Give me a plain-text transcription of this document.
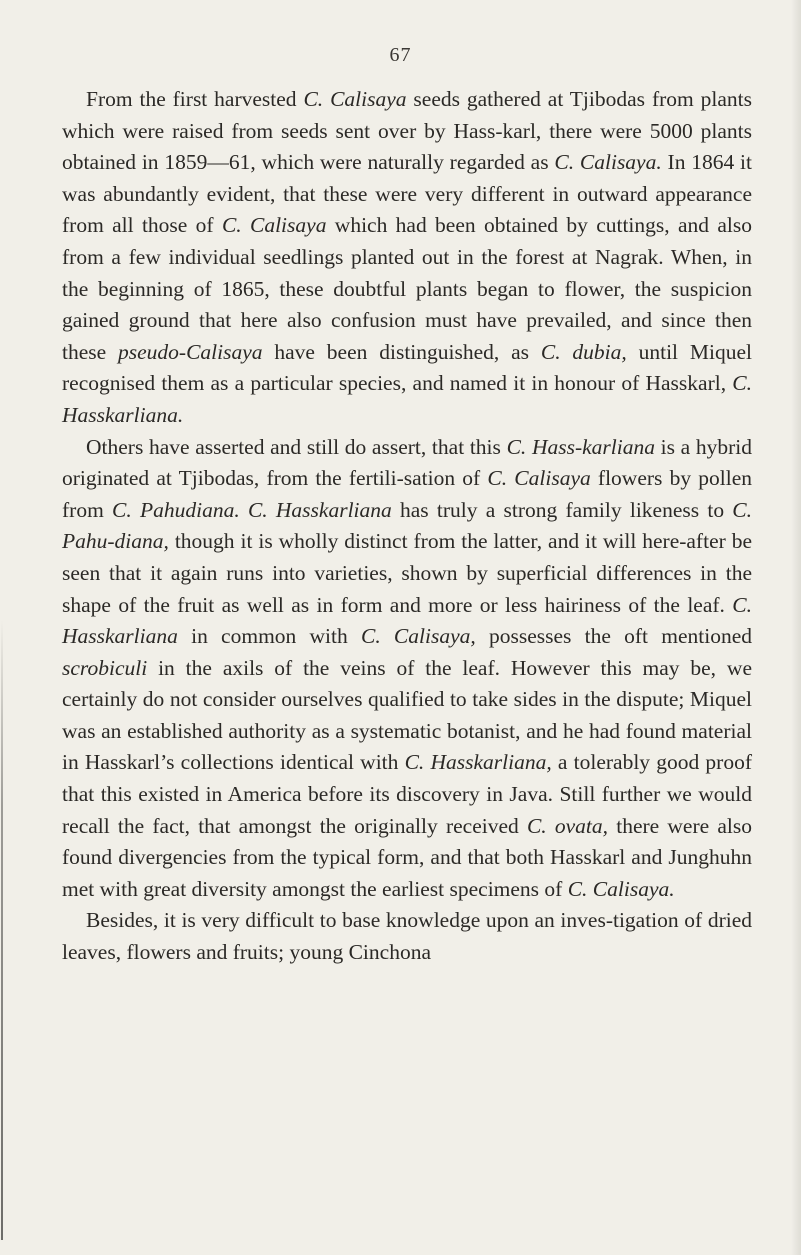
67

From the first harvested C. Calisaya seeds gathered at Tjibodas from plants which were raised from seeds sent over by Hass-karl, there were 5000 plants obtained in 1859—61, which were naturally regarded as C. Calisaya. In 1864 it was abundantly evident, that these were very different in outward appearance from all those of C. Calisaya which had been obtained by cuttings, and also from a few individual seedlings planted out in the forest at Nagrak. When, in the beginning of 1865, these doubtful plants began to flower, the suspicion gained ground that here also confusion must have prevailed, and since then these pseudo-Calisaya have been distinguished, as C. dubia, until Miquel recognised them as a particular species, and named it in honour of Hasskarl, C. Hasskarliana.

Others have asserted and still do assert, that this C. Hass-karliana is a hybrid originated at Tjibodas, from the fertili-sation of C. Calisaya flowers by pollen from C. Pahudiana. C. Hasskarliana has truly a strong family likeness to C. Pahu-diana, though it is wholly distinct from the latter, and it will here-after be seen that it again runs into varieties, shown by superficial differences in the shape of the fruit as well as in form and more or less hairiness of the leaf. C. Hasskarliana in common with C. Calisaya, possesses the oft mentioned scrobiculi in the axils of the veins of the leaf. However this may be, we certainly do not consider ourselves qualified to take sides in the dispute; Miquel was an established authority as a systematic botanist, and he had found material in Hasskarl’s collections identical with C. Hasskarliana, a tolerably good proof that this existed in America before its discovery in Java. Still further we would recall the fact, that amongst the originally received C. ovata, there were also found divergencies from the typical form, and that both Hasskarl and Junghuhn met with great diversity amongst the earliest specimens of C. Calisaya.

Besides, it is very difficult to base knowledge upon an inves-tigation of dried leaves, flowers and fruits; young Cinchona
